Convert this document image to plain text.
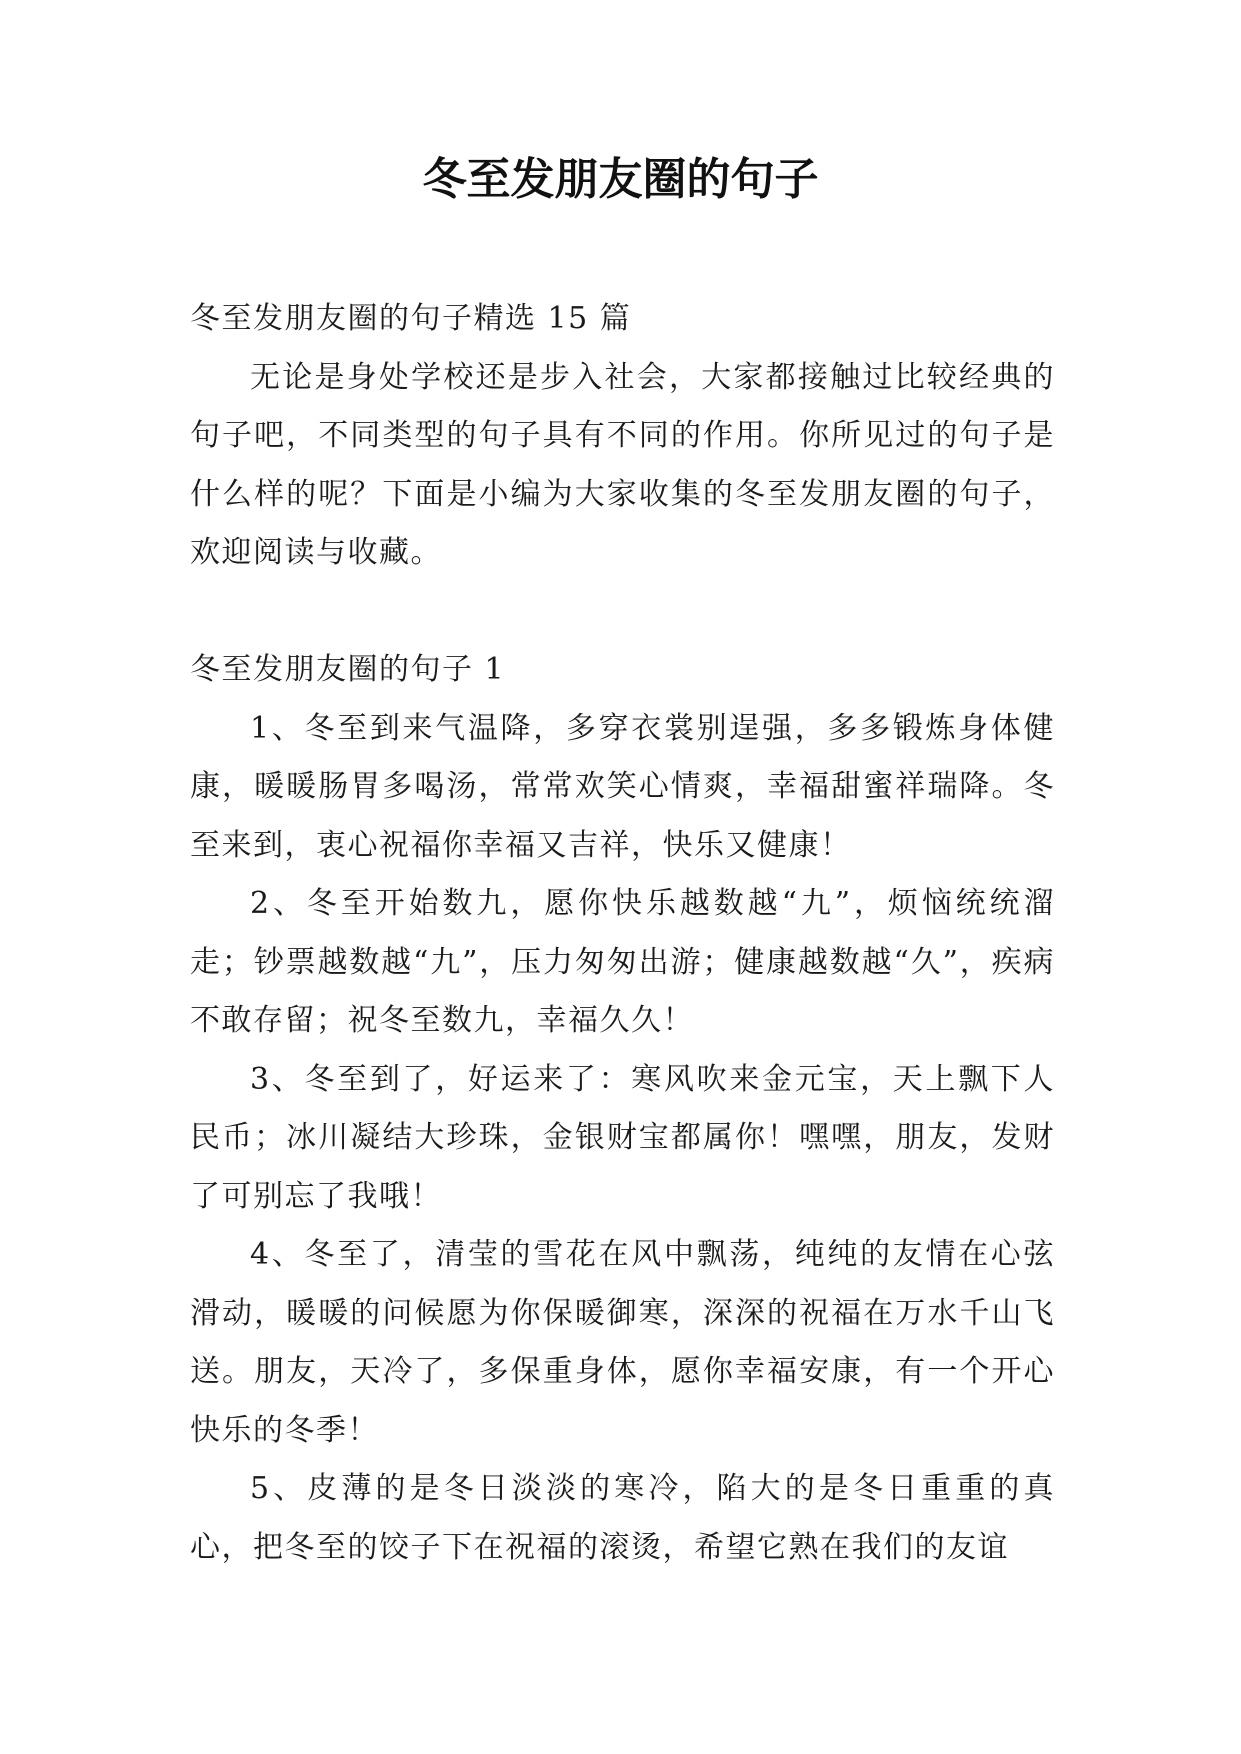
冬至发朋友圈的句子

冬至发朋友圈的句子精选 15 篇

无论是身处学校还是步入社会，大家都接触过比较经典的句子吧，不同类型的句子具有不同的作用。你所见过的句子是什么样的呢？下面是小编为大家收集的冬至发朋友圈的句子，欢迎阅读与收藏。

冬至发朋友圈的句子 1

1、冬至到来气温降，多穿衣裳别逞强，多多锻炼身体健康，暖暖肠胃多喝汤，常常欢笑心情爽，幸福甜蜜祥瑞降。冬至来到，衷心祝福你幸福又吉祥，快乐又健康！

2、冬至开始数九，愿你快乐越数越“九”，烦恼统统溜走；钞票越数越“九”，压力匆匆出游；健康越数越“久”，疾病不敢存留；祝冬至数九，幸福久久！

3、冬至到了，好运来了：寒风吹来金元宝，天上飘下人民币；冰川凝结大珍珠，金银财宝都属你！嘿嘿，朋友，发财了可别忘了我哦！

4、冬至了，清莹的雪花在风中飘荡，纯纯的友情在心弦滑动，暖暖的问候愿为你保暖御寒，深深的祝福在万水千山飞送。朋友，天冷了，多保重身体，愿你幸福安康，有一个开心快乐的冬季！

5、皮薄的是冬日淡淡的寒冷，陷大的是冬日重重的真心，把冬至的饺子下在祝福的滚烫，希望它熟在我们的友谊
